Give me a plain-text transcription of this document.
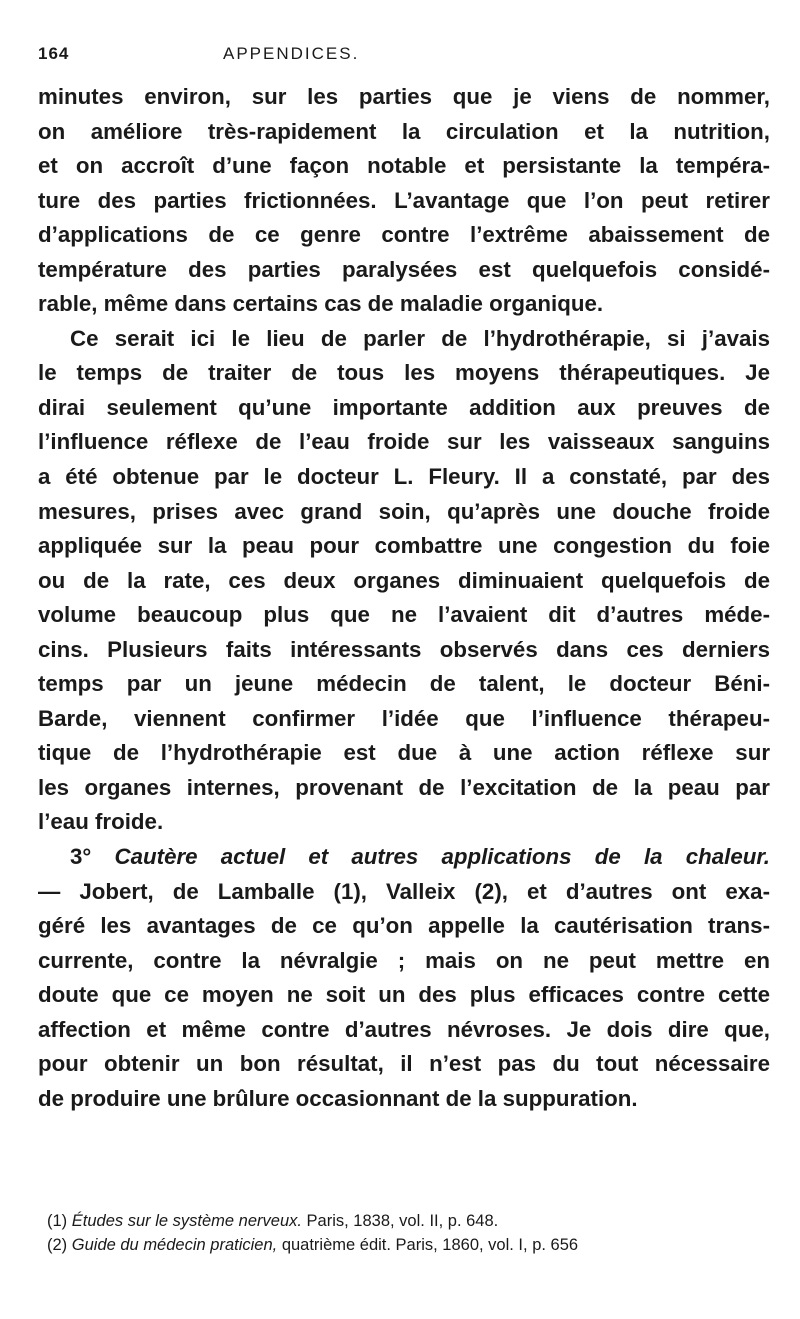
164	APPENDICES.
minutes environ, sur les parties que je viens de nommer,
on améliore très-rapidement la circulation et la nutrition,
et on accroît d’une façon notable et persistante la tempéra-
ture des parties frictionnées. L’avantage que l’on peut retirer
d’applications de ce genre contre l’extrême abaissement de
température des parties paralysées est quelquefois considé-
rable, même dans certains cas de maladie organique.
Ce serait ici le lieu de parler de l’hydrothérapie, si j’avais
le temps de traiter de tous les moyens thérapeutiques. Je
dirai seulement qu’une importante addition aux preuves de
l’influence réflexe de l’eau froide sur les vaisseaux sanguins
a été obtenue par le docteur L. Fleury. Il a constaté, par des
mesures, prises avec grand soin, qu’après une douche froide
appliquée sur la peau pour combattre une congestion du foie
ou de la rate, ces deux organes diminuaient quelquefois de
volume beaucoup plus que ne l’avaient dit d’autres méde-
cins. Plusieurs faits intéressants observés dans ces derniers
temps par un jeune médecin de talent, le docteur Béni-
Barde, viennent confirmer l’idée que l’influence thérapeu-
tique de l’hydrothérapie est due à une action réflexe sur
les organes internes, provenant de l’excitation de la peau par
l’eau froide.
3° Cautère actuel et autres applications de la chaleur.
— Jobert, de Lamballe (1), Valleix (2), et d’autres ont exa-
géré les avantages de ce qu’on appelle la cautérisation trans-
currente, contre la névralgie ; mais on ne peut mettre en
doute que ce moyen ne soit un des plus efficaces contre cette
affection et même contre d’autres névroses. Je dois dire que,
pour obtenir un bon résultat, il n’est pas du tout nécessaire
de produire une brûlure occasionnant de la suppuration.
(1) Études sur le système nerveux. Paris, 1838, vol. II, p. 648.
(2) Guide du médecin praticien, quatrième édit. Paris, 1860, vol. I, p. 656
